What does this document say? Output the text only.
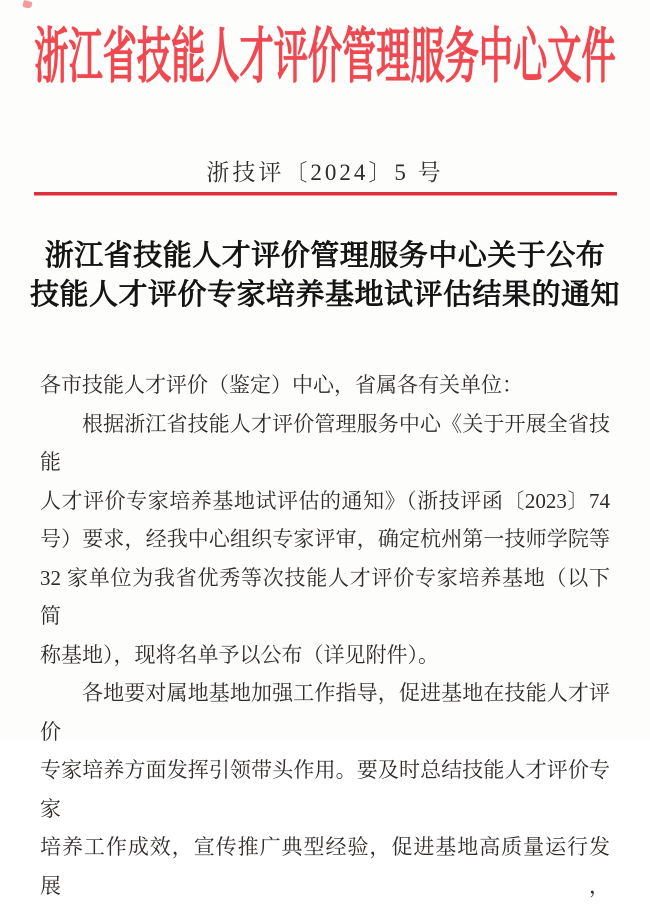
浙江省技能人才评价管理服务中心文件
浙技评〔2024〕5 号
浙江省技能人才评价管理服务中心关于公布
技能人才评价专家培养基地试评估结果的通知
各市技能人才评价（鉴定）中心，省属各有关单位：
根据浙江省技能人才评价管理服务中心《关于开展全省技能
人才评价专家培养基地试评估的通知》（浙技评函〔2023〕74
号）要求，经我中心组织专家评审，确定杭州第一技师学院等
32 家单位为我省优秀等次技能人才评价专家培养基地（以下简
称基地），现将名单予以公布（详见附件）。
各地要对属地基地加强工作指导，促进基地在技能人才评价
专家培养方面发挥引领带头作用。要及时总结技能人才评价专家
培养工作成效，宣传推广典型经验，促进基地高质量运行发展，
